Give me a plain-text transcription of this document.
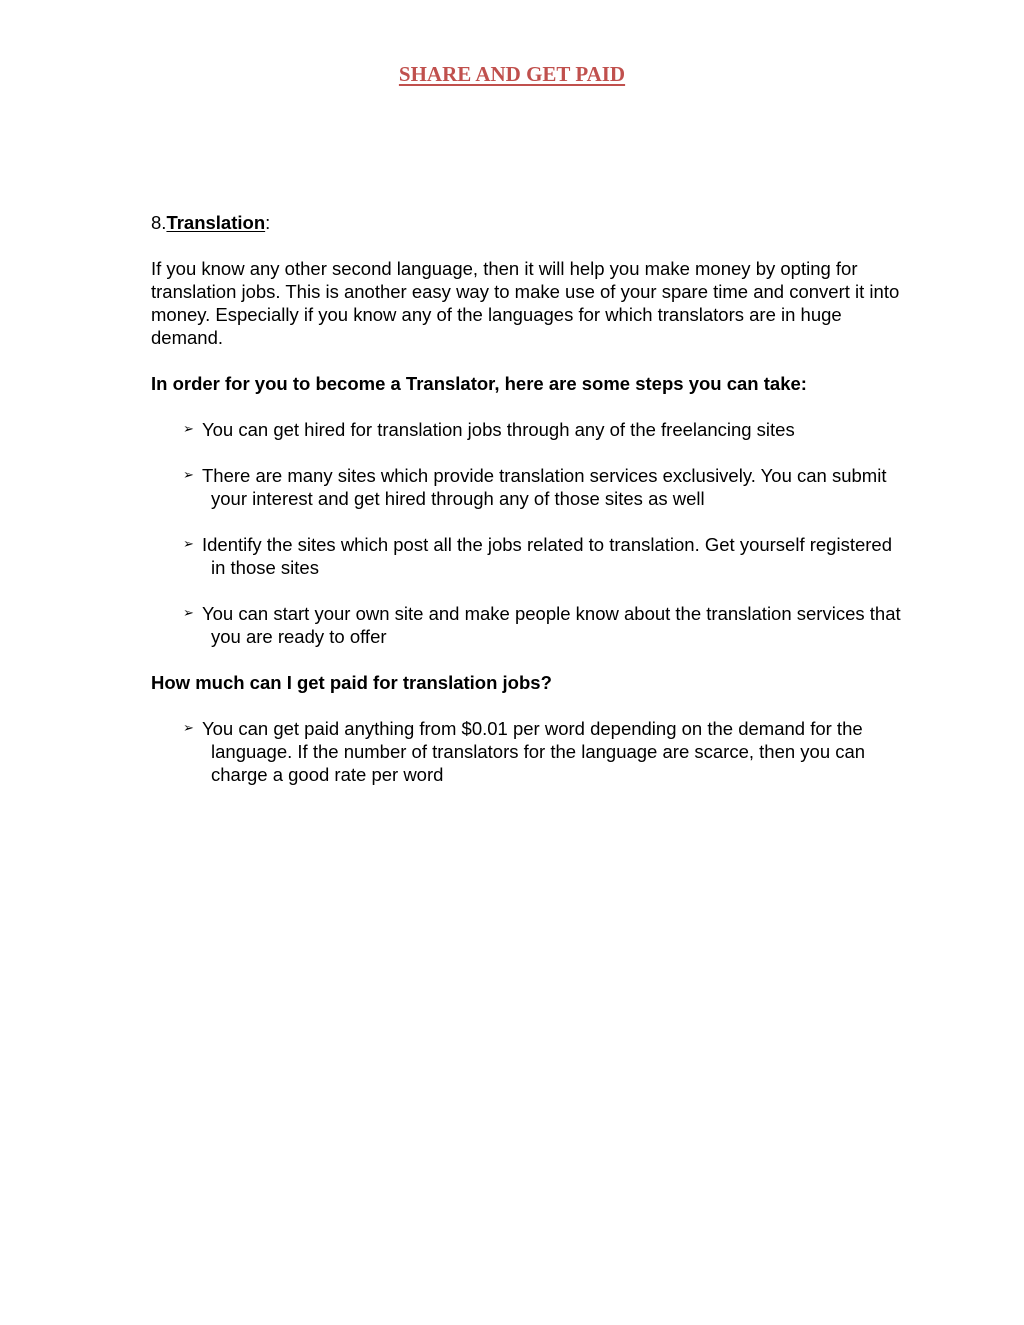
SHARE AND GET PAID

8.Translation:

If you know any other second language, then it will help you make money by opting for translation jobs. This is another easy way to make use of your spare time and convert it into money. Especially if you know any of the languages for which translators are in huge demand.

In order for you to become a Translator, here are some steps you can take:

➢ You can get hired for translation jobs through any of the freelancing sites
➢ There are many sites which provide translation services exclusively. You can submit your interest and get hired through any of those sites as well
➢ Identify the sites which post all the jobs related to translation. Get yourself registered in those sites
➢ You can start your own site and make people know about the translation services that you are ready to offer

How much can I get paid for translation jobs?

➢ You can get paid anything from $0.01 per word depending on the demand for the language. If the number of translators for the language are scarce, then you can charge a good rate per word
